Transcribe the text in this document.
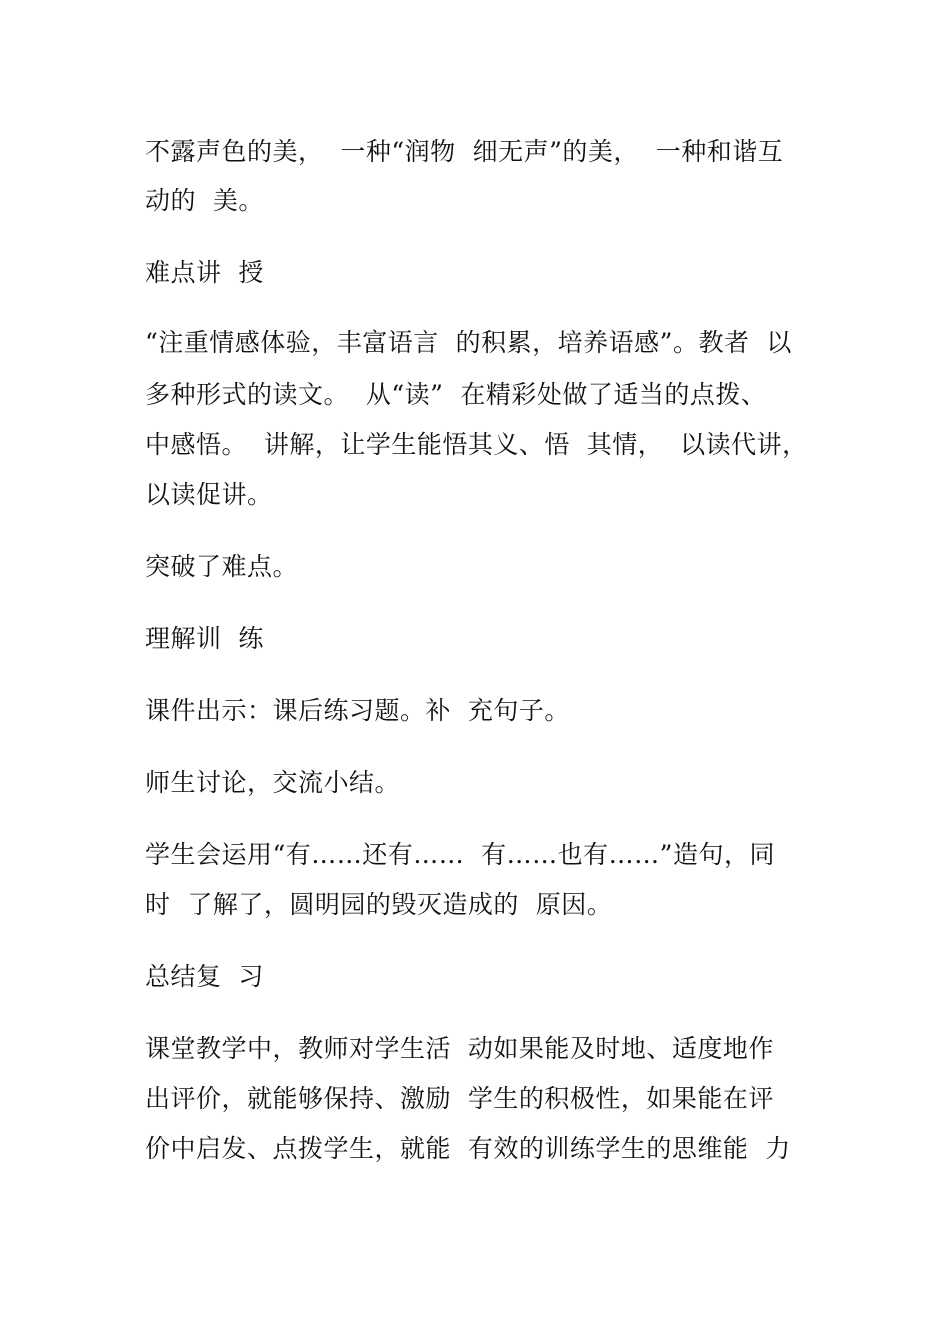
不露声色的美，  一种“润物  细无声”的美，  一种和谐互
动的  美。
难点讲  授
“注重情感体验，丰富语言  的积累，培养语感”。教者  以
多种形式的读文。  从“读”  在精彩处做了适当的点拨、
中感悟。  讲解，让学生能悟其义、悟  其情，  以读代讲，
以读促讲。
突破了难点。
理解训  练
课件出示：课后练习题。补  充句子。
师生讨论，交流小结。
学生会运用“有……还有……  有……也有……”造句，同
时  了解了，圆明园的毁灭造成的  原因。
总结复  习
课堂教学中，教师对学生活  动如果能及时地、适度地作
出评价，就能够保持、激励  学生的积极性，如果能在评
价中启发、点拨学生，就能  有效的训练学生的思维能  力
